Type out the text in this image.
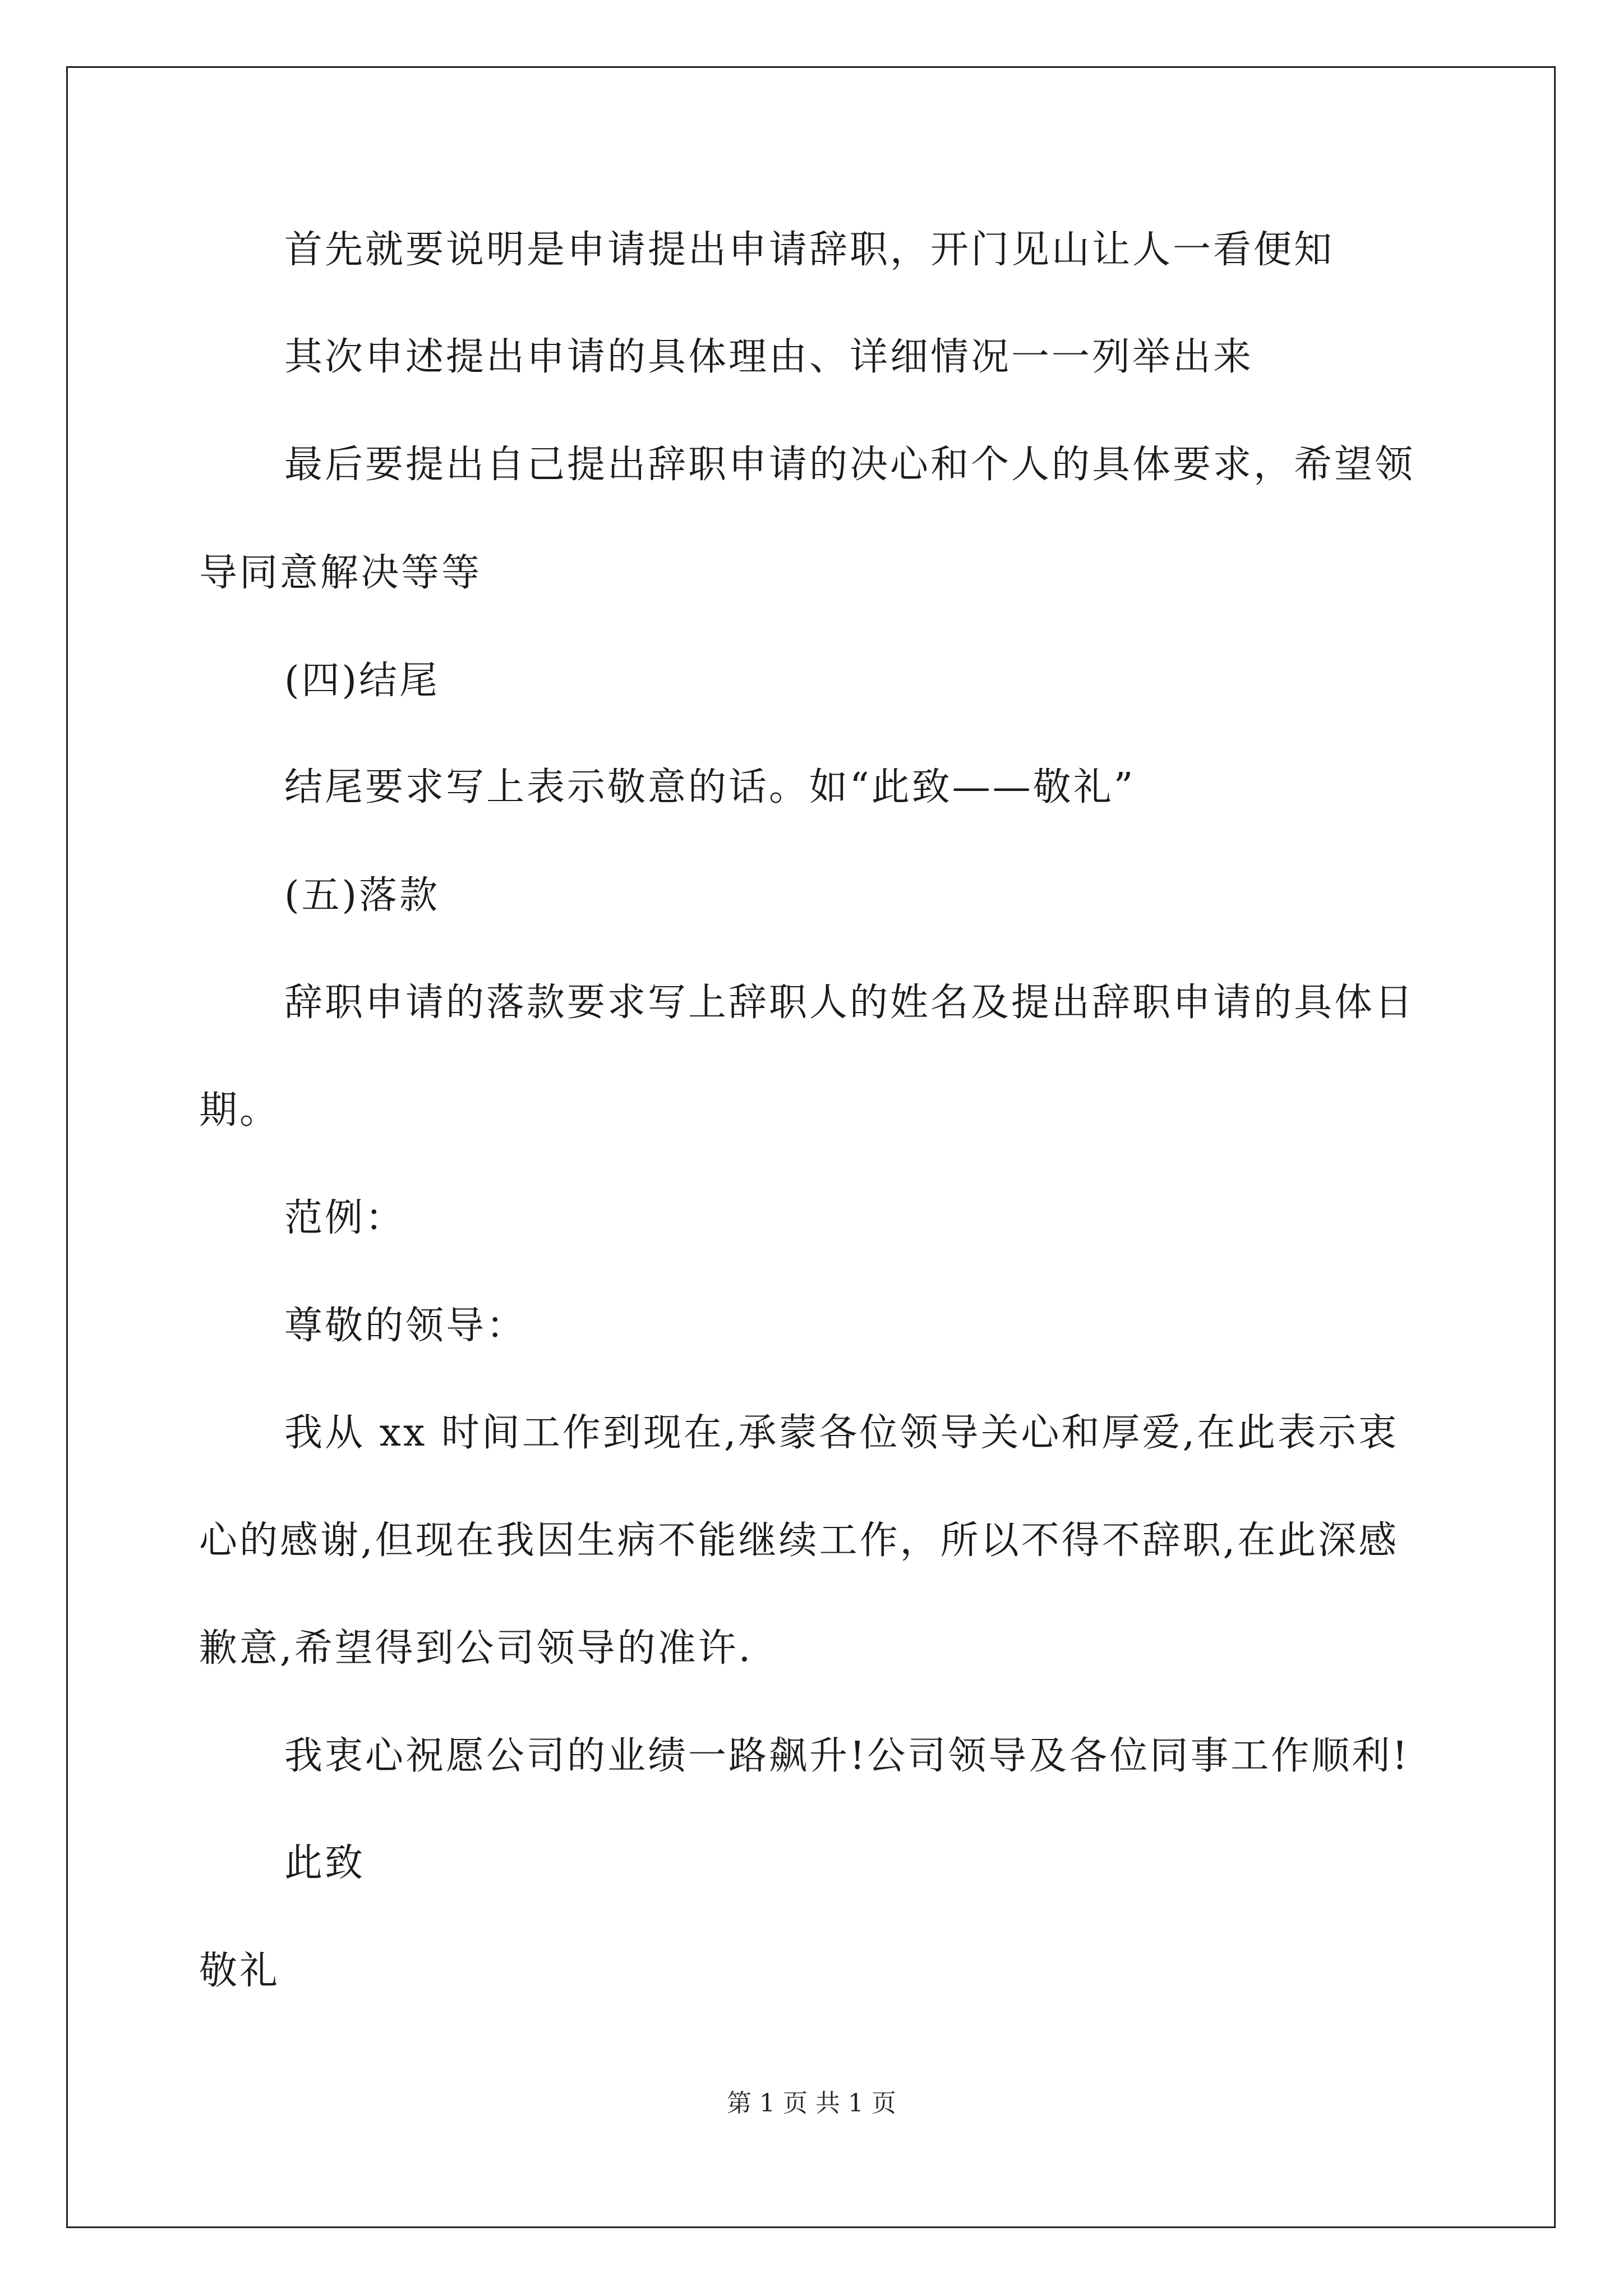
首先就要说明是申请提出申请辞职，开门见山让人一看便知

其次申述提出申请的具体理由、详细情况一一列举出来

最后要提出自己提出辞职申请的决心和个人的具体要求，希望领

导同意解决等等

(四)结尾

结尾要求写上表示敬意的话。如“此致——敬礼”

(五)落款

辞职申请的落款要求写上辞职人的姓名及提出辞职申请的具体日

期。

范例：

尊敬的领导：

我从 xx 时间工作到现在,承蒙各位领导关心和厚爱,在此表示衷

心的感谢,但现在我因生病不能继续工作，所以不得不辞职,在此深感

歉意,希望得到公司领导的准许.

我衷心祝愿公司的业绩一路飙升!公司领导及各位同事工作顺利!

此致

敬礼

第 1 页 共 1 页
